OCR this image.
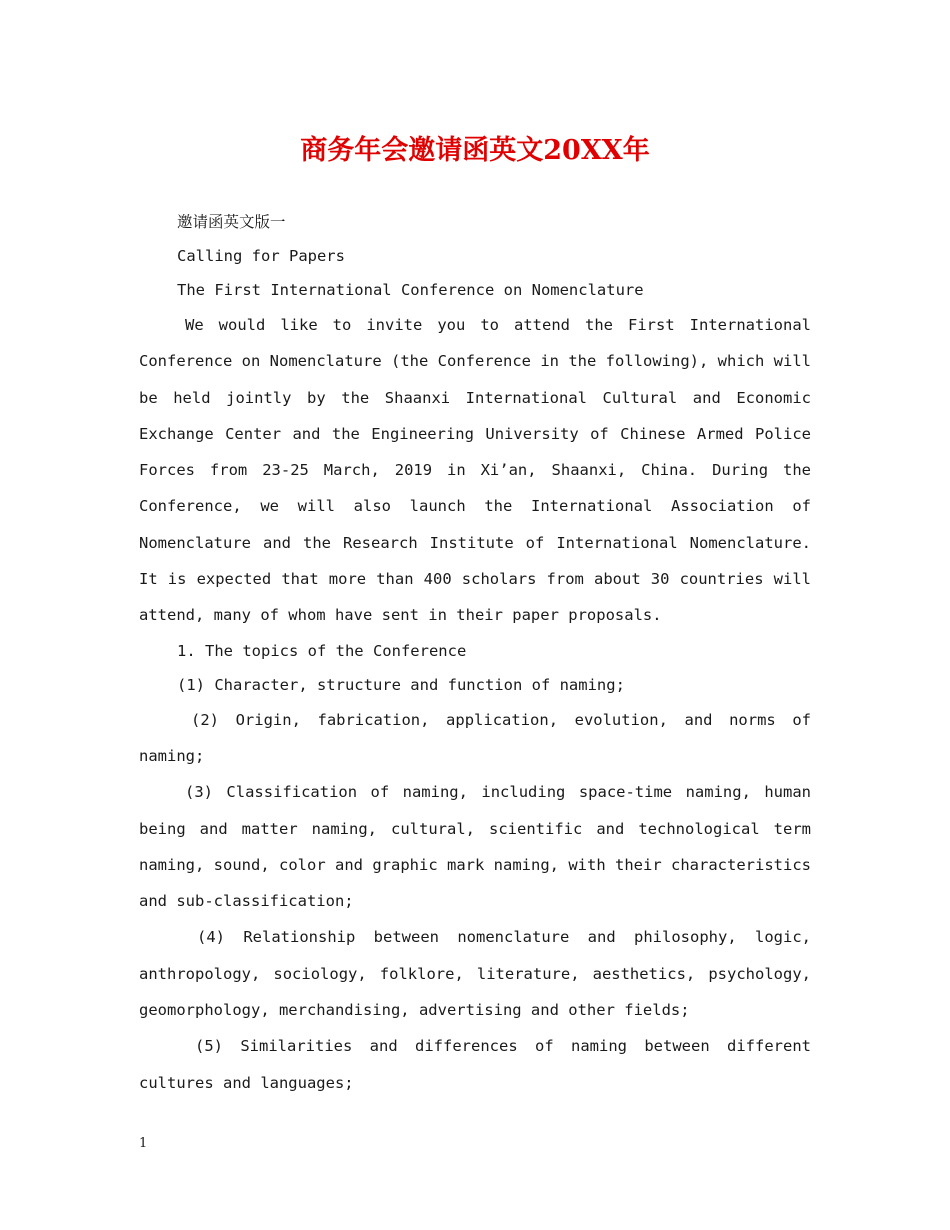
商务年会邀请函英文20XX年

邀请函英文版一

Calling for Papers

The First International Conference on Nomenclature

We would like to invite you to attend the First International Conference on Nomenclature (the Conference in the following), which will be held jointly by the Shaanxi International Cultural and Economic Exchange Center and the Engineering University of Chinese Armed Police Forces from 23-25 March, 2019 in Xi’an, Shaanxi, China. During the Conference, we will also launch the International Association of Nomenclature and the Research Institute of International Nomenclature. It is expected that more than 400 scholars from about 30 countries will attend, many of whom have sent in their paper proposals.

1. The topics of the Conference

(1) Character, structure and function of naming;

(2) Origin, fabrication, application, evolution, and norms of naming;

(3) Classification of naming, including space-time naming, human being and matter naming, cultural, scientific and technological term naming, sound, color and graphic mark naming, with their characteristics and sub-classification;

(4) Relationship between nomenclature and philosophy, logic, anthropology, sociology, folklore, literature, aesthetics, psychology, geomorphology, merchandising, advertising and other fields;

(5) Similarities and differences of naming between different cultures and languages;

1
